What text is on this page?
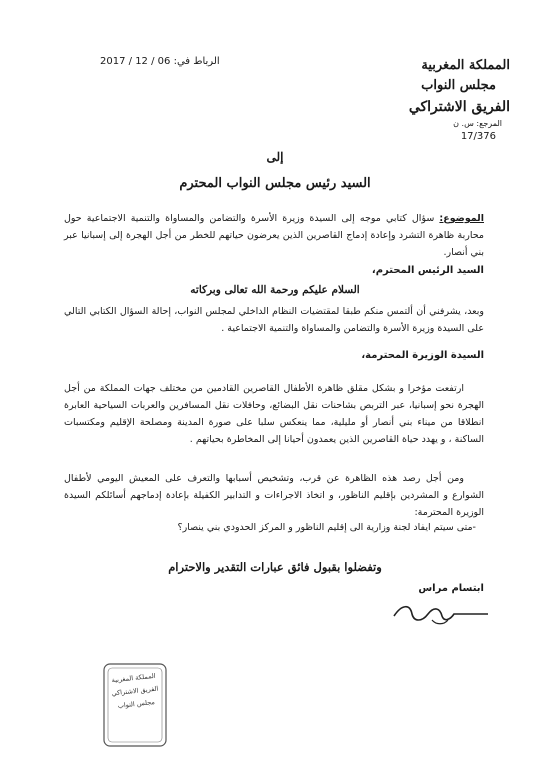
المملكة المغربية
مجلس النواب
الفريق الاشتراكي
المرجع: س. ن
17/376
الرباط في: 06 / 12 / 2017
إلى
السيد رئيس مجلس النواب المحترم
الموضوع: سؤال كتابي موجه إلى السيدة وزيرة الأسرة والتضامن والمساواة والتنمية الاجتماعية حول محاربة ظاهرة التشرد وإعادة إدماج القاصرين الذين يعرضون حياتهم للخطر من أجل الهجرة إلى إسبانيا عبر بني أنصار.
السيد الرئيس المحترم،
السلام عليكم ورحمة الله تعالى وبركاته
وبعد، يشرفني أن ألتمس منكم طبقا لمقتضيات النظام الداخلي لمجلس النواب، إحالة السؤال الكتابي التالي على السيدة وزيرة الأسرة والتضامن والمساواة والتنمية الاجتماعية .
السيدة الوزيرة المحترمة،
ارتفعت مؤخرا و بشكل مقلق ظاهرة الأطفال القاصرين القادمين من مختلف جهات المملكة من أجل الهجرة نحو إسبانيا، عبر التربص بشاحنات نقل البضائع، وحافلات نقل المسافرين والعربات السياحية العابرة انطلاقا من ميناء بني أنصار أو مليلية، مما ينعكس سلبا على صورة المدينة ومصلحة الإقليم ومكتسبات الساكنة ، و يهدد حياة القاصرين الذين يعمدون أحيانا إلى المخاطرة بحياتهم .
ومن أجل رصد هذه الظاهرة عن قرب، وتشخيص أسبابها والتعرف على المعيش اليومي لأطفال الشوارع و المشردين بإقليم الناظور، و اتخاذ الاجراءات و التدابير الكفيلة بإعادة إدماجهم أسائلكم السيدة الوزيرة المحترمة:
-متى سيتم ايفاد لجنة وزارية الى إقليم الناظور و المركز الحدودي بني ينصار؟
وتفضلوا بقبول فائق عبارات التقدير والاحترام
ابتسام مراس
المملكة المغربية
الفريق الاشتراكي
مجلس النواب
